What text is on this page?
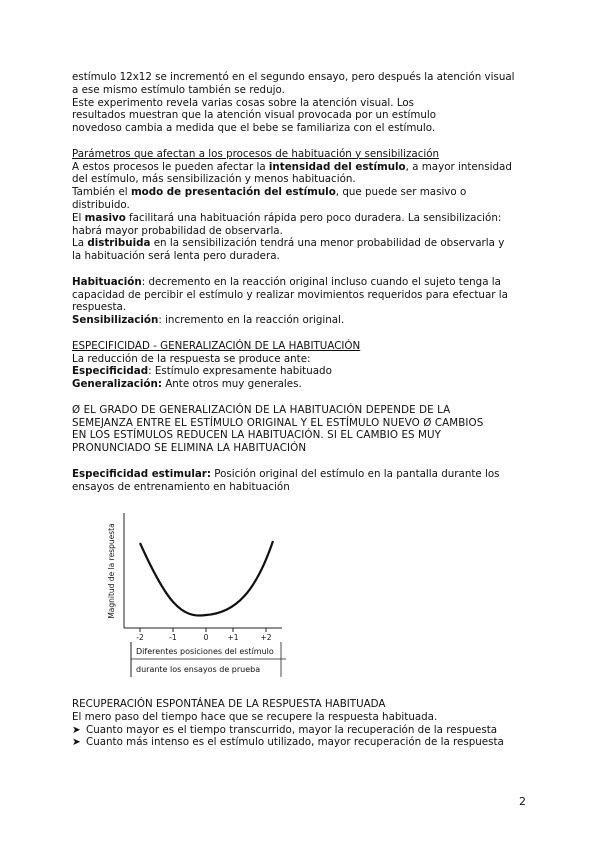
estímulo 12x12 se incrementó en el segundo ensayo, pero después la atención visual

a ese mismo estímulo también se redujo.

Este experimento revela varias cosas sobre la atención visual. Los

resultados muestran que la atención visual provocada por un estímulo

novedoso cambia a medida que el bebe se familiariza con el estímulo.

Parámetros que afectan a los procesos de habituación y sensibilización

A estos procesos le pueden afectar la intensidad del estímulo, a mayor intensidad

del estímulo, más sensibilización y menos habituación.

También el modo de presentación del estímulo, que puede ser masivo o

distribuido.

El masivo facilitará una habituación rápida pero poco duradera. La sensibilización:

habrá mayor probabilidad de observarla.

La distribuida en la sensibilización tendrá una menor probabilidad de observarla y

la habituación será lenta pero duradera.

Habituación: decremento en la reacción original incluso cuando el sujeto tenga la

capacidad de percibir el estímulo y realizar movimientos requeridos para efectuar la

respuesta.

Sensibilización: incremento en la reacción original.

ESPECIFICIDAD - GENERALIZACIÓN DE LA HABITUACIÓN

La reducción de la respuesta se produce ante:

Especificidad: Estímulo expresamente habituado

Generalización: Ante otros muy generales.

Ø EL GRADO DE GENERALIZACIÓN DE LA HABITUACIÓN DEPENDE DE LA

SEMEJANZA ENTRE EL ESTÍMULO ORIGINAL Y EL ESTÍMULO NUEVO Ø CAMBIOS

EN LOS ESTÍMULOS REDUCEN LA HABITUACIÓN. SI EL CAMBIO ES MUY

PRONUNCIADO SE ELIMINA LA HABITUACIÓN

Especificidad estimular: Posición original del estímulo en la pantalla durante los

ensayos de entrenamiento en habituación

-2	-1	0	+1	+2
Magnitud de la respuesta
Diferentes posiciones del estímulo
durante los ensayos de prueba

RECUPERACIÓN ESPONTÁNEA DE LA RESPUESTA HABITUADA

El mero paso del tiempo hace que se recupere la respuesta habituada.

➤ Cuanto mayor es el tiempo transcurrido, mayor la recuperación de la respuesta
➤ Cuanto más intenso es el estímulo utilizado, mayor recuperación de la respuesta
2
